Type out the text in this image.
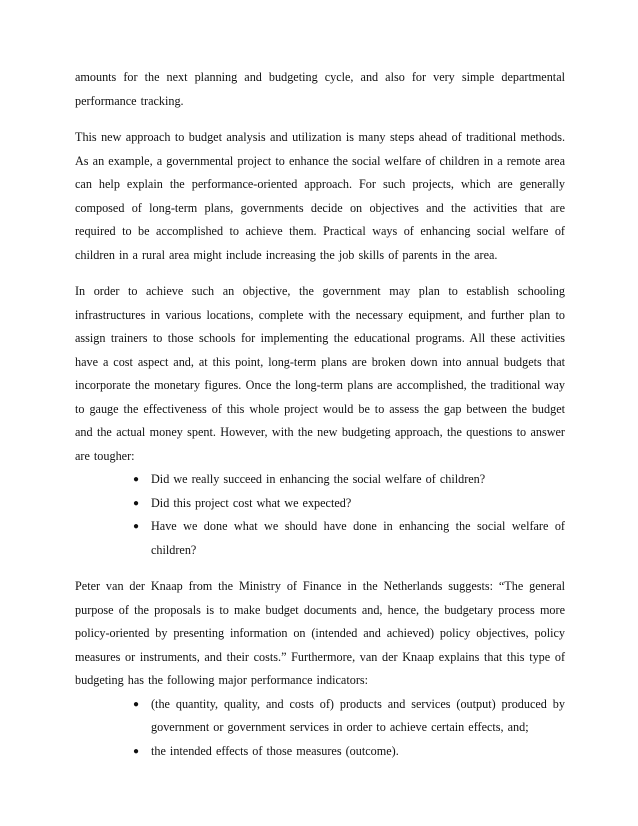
amounts for the next planning and budgeting cycle, and also for very simple departmental performance tracking.

This new approach to budget analysis and utilization is many steps ahead of traditional methods. As an example, a governmental project to enhance the social welfare of children in a remote area can help explain the performance-oriented approach. For such projects, which are generally composed of long-term plans, governments decide on objectives and the activities that are required to be accomplished to achieve them. Practical ways of enhancing social welfare of children in a rural area might include increasing the job skills of parents in the area.

In order to achieve such an objective, the government may plan to establish schooling infrastructures in various locations, complete with the necessary equipment, and further plan to assign trainers to those schools for implementing the educational programs. All these activities have a cost aspect and, at this point, long-term plans are broken down into annual budgets that incorporate the monetary figures. Once the long-term plans are accomplished, the traditional way to gauge the effectiveness of this whole project would be to assess the gap between the budget and the actual money spent. However, with the new budgeting approach, the questions to answer are tougher:

● Did we really succeed in enhancing the social welfare of children?
● Did this project cost what we expected?
● Have we done what we should have done in enhancing the social welfare of children?

Peter van der Knaap from the Ministry of Finance in the Netherlands suggests: “The general purpose of the proposals is to make budget documents and, hence, the budgetary process more policy-oriented by presenting information on (intended and achieved) policy objectives, policy measures or instruments, and their costs.” Furthermore, van der Knaap explains that this type of budgeting has the following major performance indicators:

● (the quantity, quality, and costs of) products and services (output) produced by government or government services in order to achieve certain effects, and;
● the intended effects of those measures (outcome).
